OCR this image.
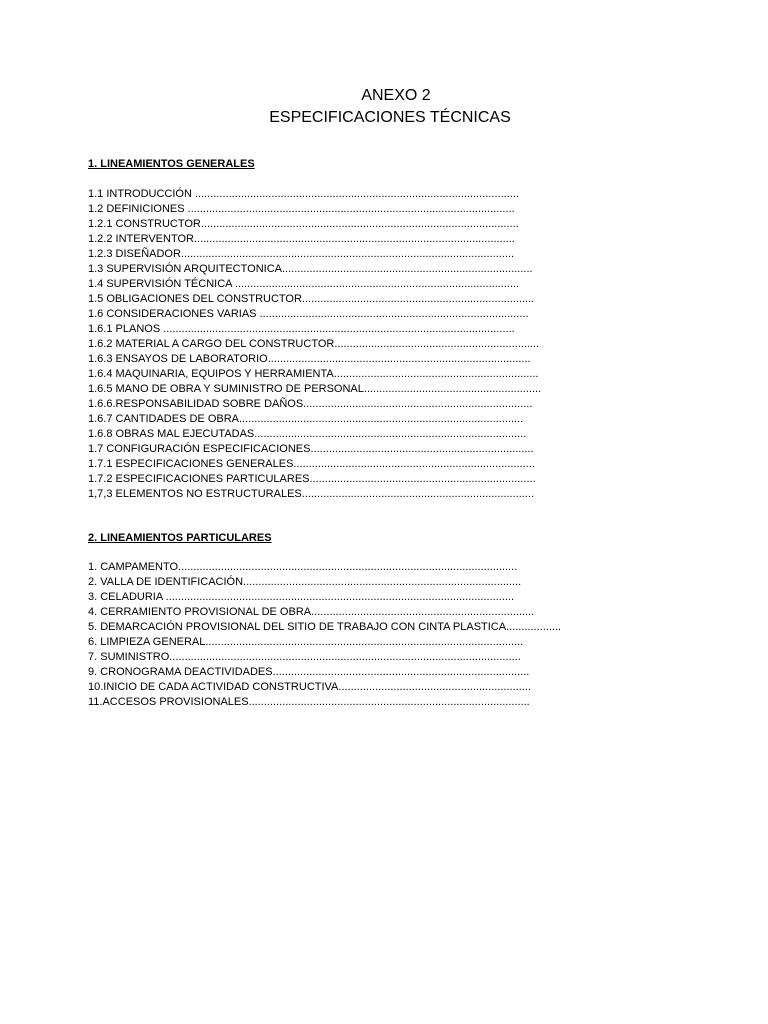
ANEXO 2
ESPECIFICACIONES TÉCNICAS
1. LINEAMIENTOS GENERALES
1.1 INTRODUCCIÓN ..........................................................................................................
1.2 DEFINICIONES ...........................................................................................................
1.2.1 CONSTRUCTOR........................................................................................................
1.2.2 INTERVENTOR.........................................................................................................
1.2.3 DISEÑADOR.............................................................................................................
1.3 SUPERVISIÓN ARQUITECTONICA..................................................................................
1.4 SUPERVISIÓN TÉCNICA .............................................................................................
1.5 OBLIGACIONES DEL CONSTRUCTOR............................................................................
1.6 CONSIDERACIONES VARIAS ........................................................................................
1.6.1 PLANOS ...................................................................................................................
1.6.2 MATERIAL A CARGO DEL CONSTRUCTOR...................................................................
1.6.3 ENSAYOS DE LABORATORIO......................................................................................
1.6.4 MAQUINARIA, EQUIPOS Y HERRAMIENTA...................................................................
1.6.5 MANO DE OBRA Y SUMINISTRO DE PERSONAL..........................................................
1.6.6.RESPONSABILIDAD SOBRE DAÑOS...........................................................................
1.6.7 CANTIDADES DE OBRA.............................................................................................
1.6.8 OBRAS MAL EJECUTADAS.........................................................................................
1.7 CONFIGURACIÓN ESPECIFICACIONES.........................................................................
1.7.1 ESPECIFICACIONES GENERALES...............................................................................
1.7.2 ESPECIFICACIONES PARTICULARES..........................................................................
1,7,3 ELEMENTOS NO ESTRUCTURALES............................................................................
2. LINEAMIENTOS PARTICULARES
1. CAMPAMENTO...............................................................................................................
2. VALLA DE IDENTIFICACIÓN...........................................................................................
3. CELADURIA ..................................................................................................................
4. CERRAMIENTO PROVISIONAL DE OBRA.........................................................................
5. DEMARCACIÓN PROVISIONAL DEL SITIO DE TRABAJO CON CINTA PLASTICA..................
6. LIMPIEZA GENERAL........................................................................................................
7. SUMINISTRO...................................................................................................................
9. CRONOGRAMA DEACTIVIDADES....................................................................................
10.INICIO DE CADA ACTIVIDAD CONSTRUCTIVA...............................................................
11.ACCESOS PROVISIONALES............................................................................................
